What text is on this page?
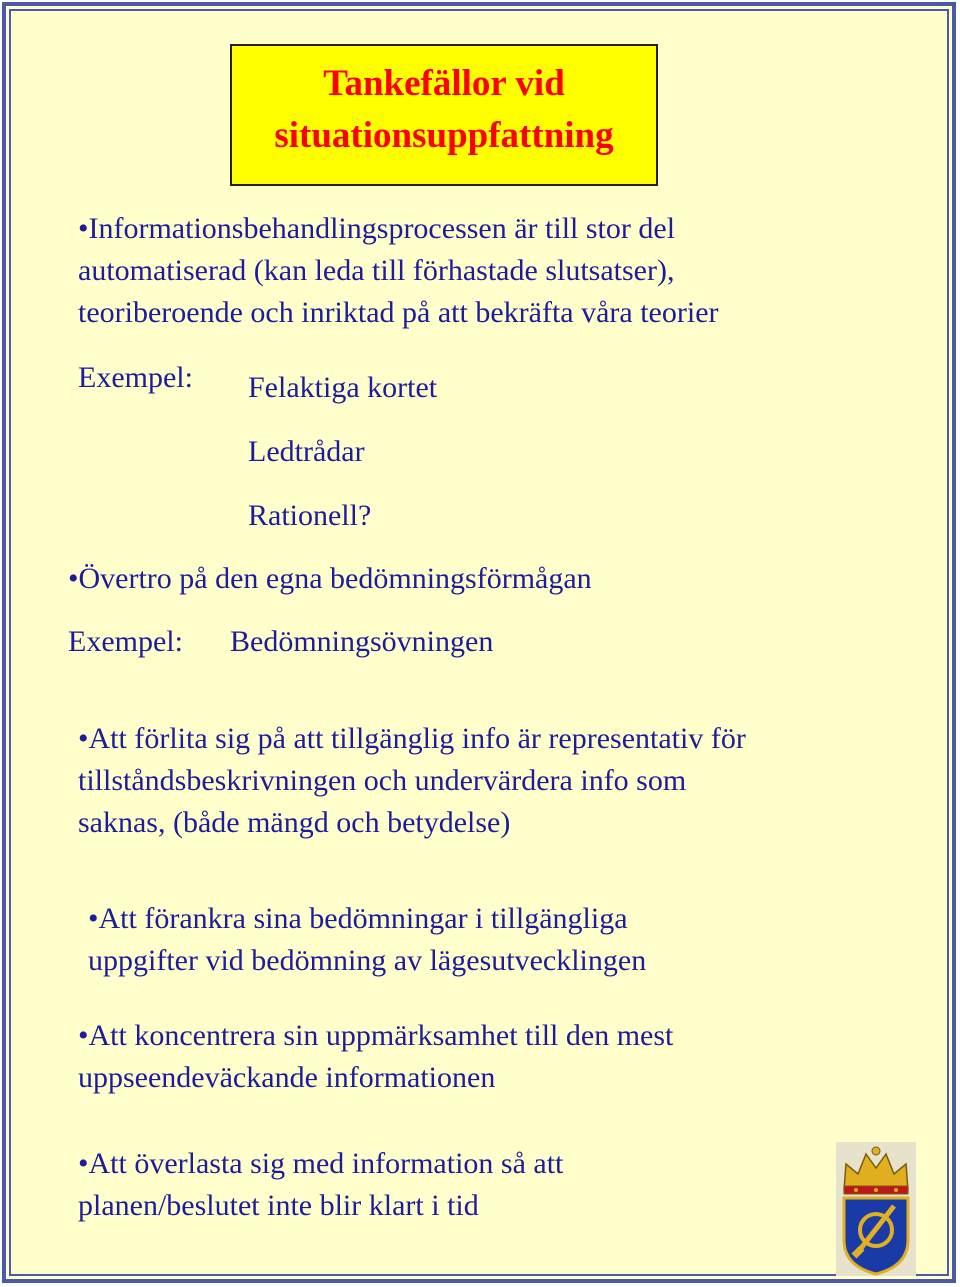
Tankefällor vid
situationsuppfattning
•Informationsbehandlingsprocessen är till stor del
automatiserad (kan leda till förhastade slutsatser),
teoriberoende och inriktad på att bekräfta våra teorier
Exempel: Felaktiga kortet
Ledtrådar
Rationell?
•Övertro på den egna bedömningsförmågan
Exempel: Bedömningsövningen
•Att förlita sig på att tillgänglig info är representativ för
tillståndsbeskrivningen och undervärdera info som
saknas, (både mängd och betydelse)
•Att förankra sina bedömningar i tillgängliga
uppgifter vid bedömning av lägesutvecklingen
•Att koncentrera sin uppmärksamhet till den mest
uppseendeväckande informationen
•Att överlasta sig med information så att
planen/beslutet inte blir klart i tid
